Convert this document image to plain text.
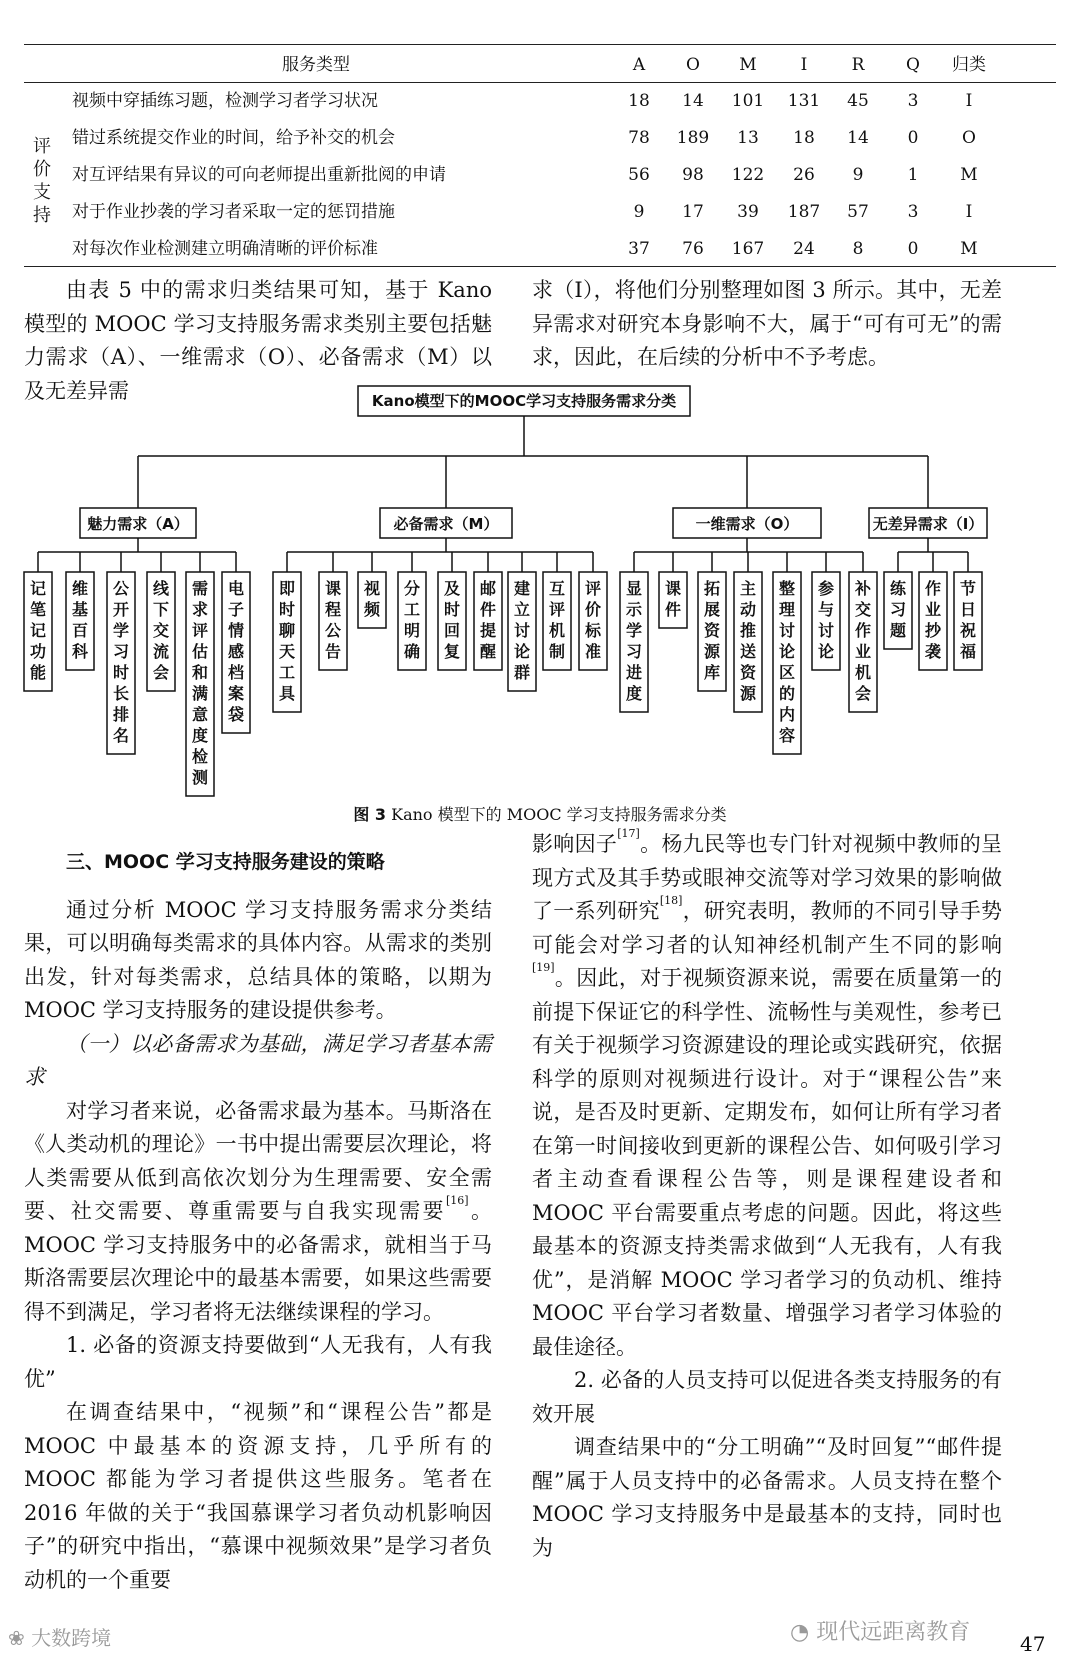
服务类型	A	O	M	I	R	Q	归类
视频中穿插练习题，检测学习者学习状况	18	14	101	131	45	3	I
错过系统提交作业的时间，给予补交的机会	78	189	13	18	14	0	O
对互评结果有异议的可向老师提出重新批阅的申请	56	98	122	26	9	1	M
对于作业抄袭的学习者采取一定的惩罚措施	9	17	39	187	57	3	I
对每次作业检测建立明确清晰的评价标准	37	76	167	24	8	0	M
评
价
支
持

由表 5 中的需求归类结果可知，基于 Kano 模型的 MOOC 学习支持服务需求类别主要包括魅力需求（A）、一维需求（O）、必备需求（M）以及无差异需

求（I），将他们分别整理如图 3 所示。其中，无差异需求对研究本身影响不大，属于“可有可无”的需求，因此，在后续的分析中不予考虑。

Kano模型下的MOOC学习支持服务需求分类
魅力需求（A）
记笔记功能
维基百科
公开学习时长排名
线下交流会
需求评估和满意度检测
电子情感档案袋
必备需求（M）
即时聊天工具
课程公告
视频
分工明确
及时回复
邮件提醒
建立讨论群
互评机制
评价标准
一维需求（O）
显示学习进度
课件
拓展资源库
主动推送资源
整理讨论区的内容
参与讨论
补交作业机会
无差异需求（I）
练习题
作业抄袭
节日祝福
图 3 Kano 模型下的 MOOC 学习支持服务需求分类

三、MOOC 学习支持服务建设的策略

通过分析 MOOC 学习支持服务需求分类结果，可以明确每类需求的具体内容。从需求的类别出发，针对每类需求，总结具体的策略，以期为 MOOC 学习支持服务的建设提供参考。

（一）以必备需求为基础，满足学习者基本需求

对学习者来说，必备需求最为基本。马斯洛在《人类动机的理论》一书中提出需要层次理论，将人类需要从低到高依次划分为生理需要、安全需要、社交需要、尊重需要与自我实现需要[16]。MOOC 学习支持服务中的必备需求，就相当于马斯洛需要层次理论中的最基本需要，如果这些需要得不到满足，学习者将无法继续课程的学习。

1. 必备的资源支持要做到“人无我有，人有我优”

在调查结果中，“视频”和“课程公告”都是 MOOC 中最基本的资源支持，几乎所有的 MOOC 都能为学习者提供这些服务。笔者在 2016 年做的关于“我国慕课学习者负动机影响因子”的研究中指出，“慕课中视频效果”是学习者负动机的一个重要

影响因子[17]。杨九民等也专门针对视频中教师的呈现方式及其手势或眼神交流等对学习效果的影响做了一系列研究[18]，研究表明，教师的不同引导手势可能会对学习者的认知神经机制产生不同的影响[19]。因此，对于视频资源来说，需要在质量第一的前提下保证它的科学性、流畅性与美观性，参考已有关于视频学习资源建设的理论或实践研究，依据科学的原则对视频进行设计。对于“课程公告”来说，是否及时更新、定期发布，如何让所有学习者在第一时间接收到更新的课程公告、如何吸引学习者主动查看课程公告等，则是课程建设者和 MOOC 平台需要重点考虑的问题。因此，将这些最基本的资源支持类需求做到“人无我有，人有我优”，是消解 MOOC 学习者学习的负动机、维持 MOOC 平台学习者数量、增强学习者学习体验的最佳途径。

2. 必备的人员支持可以促进各类支持服务的有效开展

调查结果中的“分工明确”“及时回复”“邮件提醒”属于人员支持中的必备需求。人员支持在整个 MOOC 学习支持服务中是最基本的支持，同时也为

❀ 大数跨境	◔ 现代远距离教育 47
